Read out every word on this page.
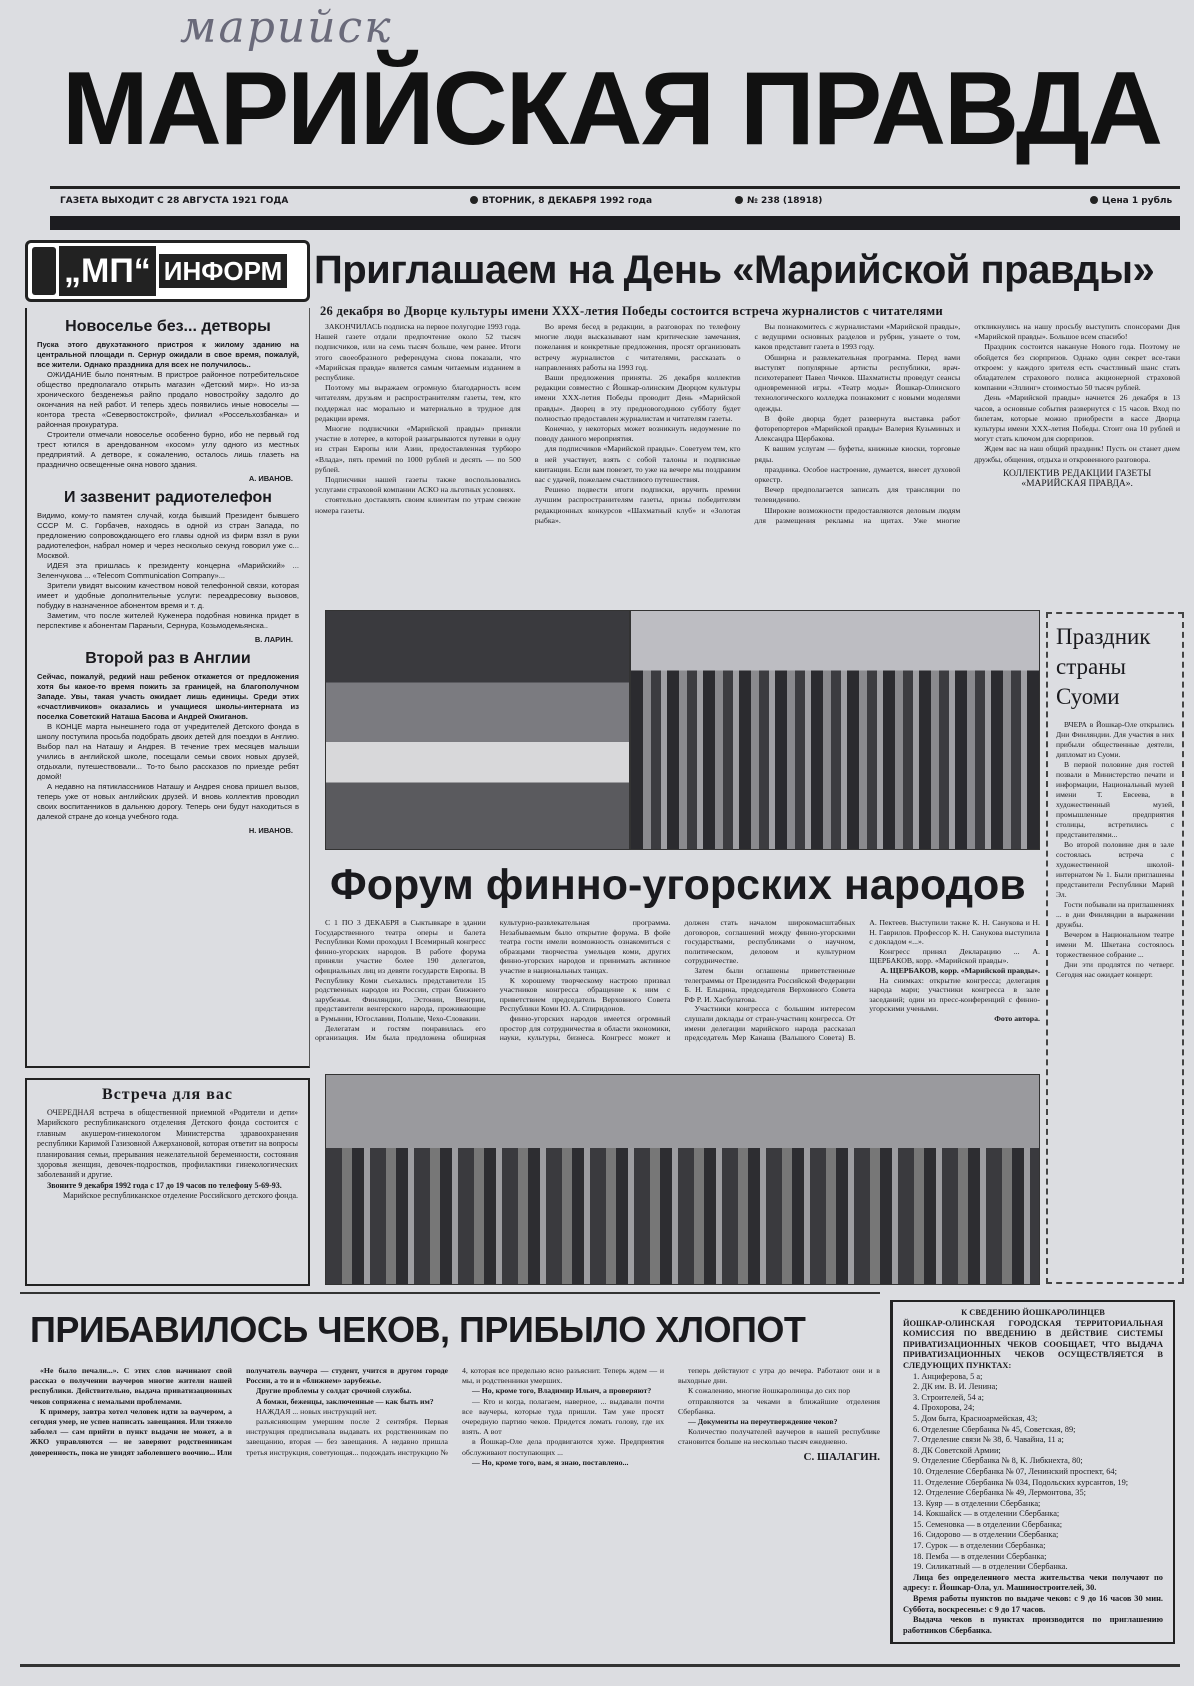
марийск
МАРИЙСКАЯ ПРАВДА
ГАЗЕТА ВЫХОДИТ С 28 АВГУСТА 1921 ГОДА	ВТОРНИК, 8 ДЕКАБРЯ 1992 года	№ 238 (18918)	Цена 1 рубль
„МП“ ИНФОРМ
Новоселье без... детворы

Пуска этого двухэтажного пристроя к жилому зданию на центральной площади п. Сернур ожидали в свое время, пожалуй, все жители. Однако праздника для всех не получилось..

ОЖИДАНИЕ было понятным. В пристрое районное потребительское общество предполагало открыть магазин «Детский мир». Но из-за хронического безденежья райпо продало новостройку задолго до окончания на ней работ. И теперь здесь появились иные новоселы — контора треста «Севервостокстрой», филиал «Россельхозбанка» и районная прокуратура.

Строители отмечали новоселье особенно бурно, ибо не первый год трест ютился в арендованном «косом» углу одного из местных предприятий. А детворе, к сожалению, осталось лишь глазеть на празднично освещенные окна нового здания.

А. ИВАНОВ.
И зазвенит радиотелефон

Видимо, кому-то памятен случай, когда бывший Президент бывшего СССР М. С. Горбачев, находясь в одной из стран Запада, по предложению сопровождающего его главы одной из фирм взял в руки радиотелефон, набрал номер и через несколько секунд говорил уже с... Москвой.

ИДЕЯ эта пришлась к президенту концерна «Марийский» ... Зеленчукова ... «Telecom Communication Company»...

Зрители увидят высоким качеством новой телефонной связи, которая имеет и удобные дополнительные услуги: переадресовку вызовов, побудку в назначенное абонентом время и т. д.

Заметим, что после жителей Куженера подобная новинка придет в перспективе к абонентам Параньги, Сернура, Козьмодемьянска..

В. ЛАРИН.
Второй раз в Англии

Сейчас, пожалуй, редкий наш ребенок откажется от предложения хотя бы какое-то время пожить за границей, на благополучном Западе. Увы, такая участь ожидает лишь единицы. Среди этих «счастливчиков» оказались и учащиеся школы-интерната из поселка Советский Наташа Басова и Андрей Ожиганов.

В КОНЦЕ марта нынешнего года от учредителей Детского фонда в школу поступила просьба подобрать двоих детей для поездки в Англию. Выбор пал на Наташу и Андрея. В течение трех месяцев малыши учились в английской школе, посещали семьи своих новых друзей, отдыхали, путешествовали... То-то было рассказов по приезде ребят домой!

А недавно на пятиклассников Наташу и Андрея снова пришел вызов, теперь уже от новых английских друзей. И вновь коллектив проводил своих воспитанников в дальнюю дорогу. Теперь они будут находиться в далекой стране до конца учебного года.

Н. ИВАНОВ.
Встреча для вас

ОЧЕРЕДНАЯ встреча в общественной приемной «Родители и дети» Марийского республиканского отделения Детского фонда состоится с главным акушером-гинекологом Министерства здравоохранения республики Каримой Газизовной Ажерхановой, которая ответит на вопросы планирования семьи, прерывания нежелательной беременности, состояния здоровья женщин, девочек-подростков, профилактики гинекологических заболеваний и другие.

Звоните 9 декабря 1992 года с 17 до 19 часов по телефону 5-69-93.

Марийское республиканское отделение Российского детского фонда.

Приглашаем на День «Марийской правды»
26 декабря во Дворце культуры имени XXX-летия Победы состоится встреча журналистов с читателями

ЗАКОНЧИЛАСЬ подписка на первое полугодие 1993 года. Нашей газете отдали предпочтение около 52 тысяч подписчиков, или на семь тысяч больше, чем ранее. Итоги этого своеобразного референдума снова показали, что «Марийская правда» является самым читаемым изданием в республике.

Поэтому мы выражаем огромную благодарность всем читателям, друзьям и распространителям газеты, тем, кто поддержал нас морально и материально в трудное для редакции время.

Многие подписчики «Марийской правды» приняли участие в лотерее, в которой разыгрываются путевки в одну из стран Европы или Азии, предоставленная турбюро «Влада», пять премий по 1000 рублей и десять — по 500 рублей.

Подписчики нашей газеты также воспользовались услугами страховой компании АСКО на льготных условиях.

стоятельно доставлять своим клиентам по утрам свежие номера газеты.

Во время бесед в редакции, в разговорах по телефону многие люди высказывают нам критические замечания, пожелания и конкретные предложения, просят организовать встречу журналистов с читателями, рассказать о направлениях работы на 1993 год.

Ваши предложения приняты. 26 декабря коллектив редакции совместно с Йошкар-олинским Дворцом культуры имени XXX-летия Победы проводит День «Марийской правды». Дворец в эту предновогоднюю субботу будет полностью предоставлен журналистам и читателям газеты.

Конечно, у некоторых может возникнуть недоумение по поводу данного мероприятия.

для подписчиков «Марийской правды». Советуем тем, кто в ней участвует, взять с собой талоны и подписные квитанции. Если вам повезет, то уже на вечере мы поздравим вас с удачей, пожелаем счастливого путешествия.

Решено подвести итоги подписки, вручить премии лучшим распространителям газеты, призы победителям редакционных конкурсов «Шахматный клуб» и «Золотая рыбка».

Вы познакомитесь с журналистами «Марийской правды», с ведущими основных разделов и рубрик, узнаете о том, каков представит газета в 1993 году.

Обширна и развлекательная программа. Перед вами выступят популярные артисты республики, врач-психотерапевт Павел Чичков. Шахматисты проведут сеансы одновременной игры. «Театр моды» Йошкар-Олинского технологического колледжа познакомит с новыми моделями одежды.

В фойе дворца будет развернута выставка работ фоторепортеров «Марийской правды» Валерия Кузьминых и Александра Щербакова.

К вашим услугам — буфеты, книжные киоски, торговые ряды.

праздника. Особое настроение, думается, внесет духовой оркестр.

Вечер предполагается записать для трансляции по телевидению.

Широкие возможности предоставляются деловым людям для размещения рекламы на щитах. Уже многие откликнулись на нашу просьбу выступить спонсорами Дня «Марийской правды». Большое всем спасибо!

Праздник состоится накануне Нового года. Поэтому не обойдется без сюрпризов. Однако один секрет все-таки откроем: у каждого зрителя есть счастливый шанс стать обладателем страхового полиса акционерной страховой компании «Эллинг» стоимостью 50 тысяч рублей.

День «Марийской правды» начнется 26 декабря в 13 часов, а основные события развернутся с 15 часов. Вход по билетам, которые можно приобрести в кассе Дворца культуры имени XXX-летия Победы. Стоит она 10 рублей и могут стать ключом для сюрпризов.

Ждем вас на наш общий праздник! Пусть он станет днем дружбы, общения, отдыха и откровенного разговора.

КОЛЛЕКТИВ РЕДАКЦИИ ГАЗЕТЫ «МАРИЙСКАЯ ПРАВДА».

Праздник страны Суоми

ВЧЕРА в Йошкар-Оле открылись Дни Финляндии. Для участия в них прибыли общественные деятели, дипломат из Суоми.

В первой половине дня гостей позвали в Министерство печати и информации, Национальный музей имени Т. Евсеева, в художественный музей, промышленные предприятия столицы, встретились с представителями...

Во второй половине дня в зале состоялась встреча с художественной школой-интернатом № 1. Были приглашены представители Республики Марий Эл.

Гости побывали на приглашениях ... в дни Финляндии в выражении дружбы.

Вечером в Национальном театре имени М. Шкетана состоялось торжественное собрание ...

Дни эти продлятся по четверг. Сегодня нас ожидает концерт.

Форум финно-угорских народов

С 1 ПО 3 ДЕКАБРЯ в Сыктывкаре в здании Государственного театра оперы и балета Республики Коми проходил I Всемирный конгресс финно-угорских народов. В работе форума приняли участие более 190 делегатов, официальных лиц из девяти государств Европы. В Республику Коми съехались представители 15 родственных народов из России, стран ближнего зарубежья. Финляндии, Эстонии, Венгрии, представители венгерского народа, проживающие в Румынии, Югославии, Польше, Чехо-Словакии.

Делегатам и гостям понравилась его организация. Им была предложена обширная культурно-развлекательная программа. Незабываемым было открытие форума. В фойе театра гости имели возможность ознакомиться с образцами творчества умельцев коми, других финно-угорских народов и принимать активное участие в национальных танцах.

К хорошему творческому настрою призвал участников конгресса обращение к ним с приветствием председатель Верховного Совета Республики Коми Ю. А. Спиридонов.

финно-угорских народов имеется огромный простор для сотрудничества в области экономики, науки, культуры, бизнеса. Конгресс может и должен стать началом широкомасштабных договоров, соглашений между финно-угорскими государствами, республиками о научном, политическом, деловом и культурном сотрудничестве.

Затем были оглашены приветственные телеграммы от Президента Российской Федерации Б. Н. Ельцина, председателя Верховного Совета РФ Р. И. Хасбулатова.

Участники конгресса с большим интересом слушали доклады от стран-участниц конгресса. От имени делегации марийского народа рассказал председатель Мер Канаша (Вальшого Совета) В. А. Пектеев. Выступили также К. Н. Санукова и Н. Н. Гаврилов. Профессор К. Н. Санукова выступила с докладом «...».

Конгресс принял Декларацию ... А. ЩЕРБАКОВ, корр. «Марийской правды».

А. ЩЕРБАКОВ, корр. «Марийской правды».

На снимках: открытие конгресса; делегация народа мари; участники конгресса в зале заседаний; один из пресс-конференций с финно-угорскими учеными.

Фото автора.

ПРИБАВИЛОСЬ ЧЕКОВ, ПРИБЫЛО ХЛОПОТ

«Не было печали...». С этих слов начинают свой рассказ о получении ваучеров многие жители нашей республики. Действительно, выдача приватизационных чеков сопряжена с немалыми проблемами.

К примеру, завтра хотел человек идти за ваучером, а сегодня умер, не успев написать завещания. Или тяжело заболел — сам прийти в пункт выдачи не может, а в ЖКО управляются — не заверяют родственникам доверенность, пока не увидят заболевшего воочию... Или получатель ваучера — студент, учится в другом городе России, а то и в «ближнем» зарубежье.

Другие проблемы у солдат срочной службы.

А бомжи, беженцы, заключенные — как быть им?

НАЖДАЯ ... новых инструкций нет.

разъясняющим умершим после 2 сентября. Первая инструкция предписывала выдавать их родственникам по завещанию, вторая — без завещания. А недавно пришла третья инструкция, советующая... подождать инструкцию № 4, которая все предельно ясно разъяснит. Теперь ждем — и мы, и родственники умерших.

— Но, кроме того, Владимир Ильич, а проверяют?

— Кто и когда, полагаем, наверное, ... выдавали почти все ваучеры, которые туда пришли. Там уже просят очередную партию чеков. Придется ломать голову, где их взять. А вот

в Йошкар-Оле дела продвигаются хуже. Предприятия обслуживают поступающих ...

— Но, кроме того, вам, я знаю, поставлено...

теперь действуют с утра до вечера. Работают они и в выходные дни.

К сожалению, многие йошкаролинцы до сих пор

отправляются за чеками в ближайшие отделения Сбербанка.

— Документы на переутверждение чеков?

Количество получателей ваучеров в нашей республике становится больше на несколько тысяч ежедневно.

С. ШАЛАГИН.

К СВЕДЕНИЮ ЙОШКАРОЛИНЦЕВ
ЙОШКАР-ОЛИНСКАЯ ГОРОДСКАЯ ТЕРРИТОРИАЛЬНАЯ КОМИССИЯ ПО ВВЕДЕНИЮ В ДЕЙСТВИЕ СИСТЕМЫ ПРИВАТИЗАЦИОННЫХ ЧЕКОВ СООБЩАЕТ, ЧТО ВЫДАЧА ПРИВАТИЗАЦИОННЫХ ЧЕКОВ ОСУЩЕСТВЛЯЕТСЯ В СЛЕДУЮЩИХ ПУНКТАХ:
1. Анциферова, 5 а;
2. ДК им. В. И. Ленина;
3. Строителей, 54 а;
4. Прохорова, 24;
5. Дом быта, Красноармейская, 43;
6. Отделение Сбербанка № 45, Советская, 89;
7. Отделение связи № 38, б. Чавайна, 11 а;
8. ДК Советской Армии;
9. Отделение Сбербанка № 8, К. Либкнехта, 80;
10. Отделение Сбербанка № 07, Ленинский проспект, 64;
11. Отделение Сбербанка № 034, Подольских курсантов, 19;
12. Отделение Сбербанка № 49, Лермонтова, 35;
13. Куяр — в отделении Сбербанка;
14. Кокшайск — в отделении Сбербанка;
15. Семеновка — в отделении Сбербанка;
16. Сидорово — в отделении Сбербанка;
17. Сурок — в отделении Сбербанка;
18. Пемба — в отделении Сбербанка;
19. Силикатный — в отделении Сбербанка.

Лица без определенного места жительства чеки получают по адресу: г. Йошкар-Ола, ул. Машиностроителей, 30.

Время работы пунктов по выдаче чеков: с 9 до 16 часов 30 мин. Суббота, воскресенье: с 9 до 17 часов.

Выдача чеков в пунктах производится по приглашению работников Сбербанка.
